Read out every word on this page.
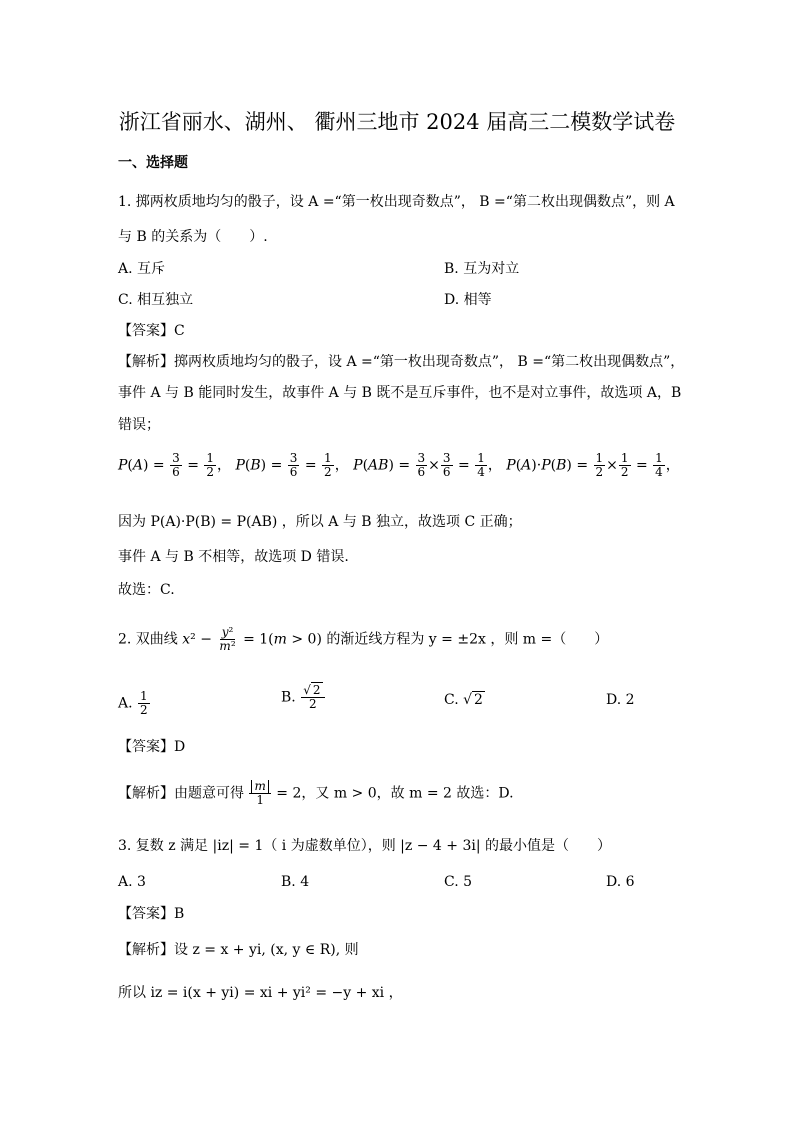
浙江省丽水、湖州、 衢州三地市 2024 届高三二模数学试卷
一、选择题
1. 掷两枚质地均匀的骰子，设 A =“第一枚出现奇数点”， B =“第二枚出现偶数点”，则 A
与 B 的关系为（　　）.
A. 互斥	B. 互为对立
C. 相互独立	D. 相等
【答案】C
【解析】掷两枚质地均匀的骰子，设 A =“第一枚出现奇数点”， B =“第二枚出现偶数点”，
事件 A 与 B 能同时发生，故事件 A 与 B 既不是互斥事件，也不是对立事件，故选项 A，B
错误；
$P(A) = \frac{3}{6} = \frac{1}{2}$ ， $P(B) = \frac{3}{6} = \frac{1}{2}$ ， $P(AB) = \frac{3}{6} \times \frac{3}{6} = \frac{1}{4}$ ， $P(A)\cdot P(B) = \frac{1}{2} \times \frac{1}{2} = \frac{1}{4}$ ，
因为 P(A)·P(B) = P(AB) ，所以 A 与 B 独立，故选项 C 正确；
事件 A 与 B 不相等，故选项 D 错误.
故选：C.
2. 双曲线 $x^2 - \frac{\text{y²}}{\text{m²}} = 1(m > 0)$ 的渐近线方程为 y = ±2x ，则 m =（　　）
A. $\frac{1}{2}$	B. $\frac{√ 2}{2}$	C. √ 2	D. 2
【答案】D
【解析】由题意可得 $\frac{m}{1} = 2$，又 m > 0，故 m = 2 故选：D.
3. 复数 z 满足 |iz| = 1（ i 为虚数单位），则 |z − 4 + 3i| 的最小值是（　　）
A. 3	B. 4	C. 5	D. 6
【答案】B
【解析】设 z = x + yi, (x, y ∈ R), 则
所以 iz = i(x + yi) = xi + yi² = −y + xi ，
